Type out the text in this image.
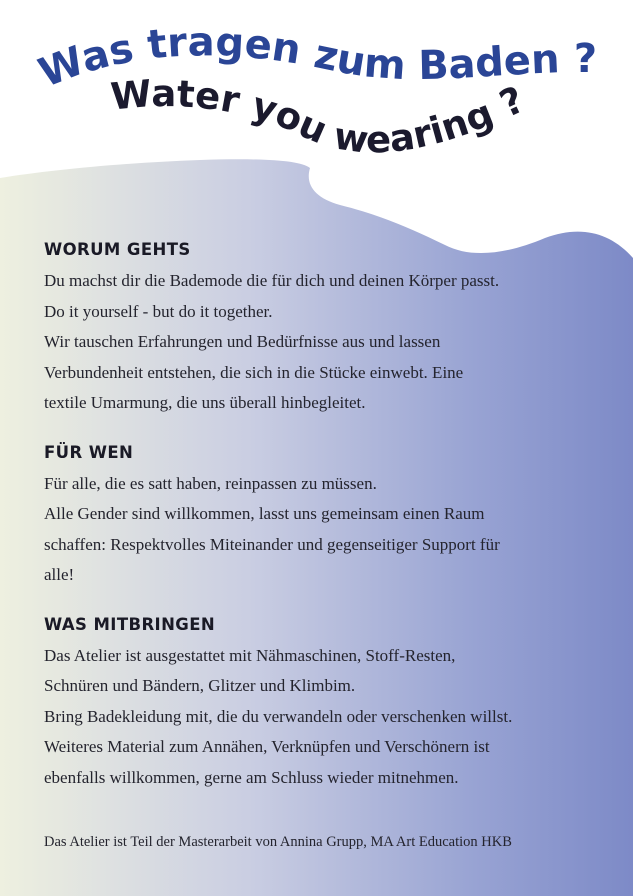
Was tragen zum Baden ?
Water you wearing ?
WORUM GEHTS

Du machst dir die Bademode die für dich und deinen Körper passt.

Do it yourself - but do it together.

Wir tauschen Erfahrungen und Bedürfnisse aus und lassen

Verbundenheit entstehen, die sich in die Stücke einwebt. Eine

textile Umarmung, die uns überall hinbegleitet.

FÜR WEN

Für alle, die es satt haben, reinpassen zu müssen.

Alle Gender sind willkommen, lasst uns gemeinsam einen Raum

schaffen: Respektvolles Miteinander und gegenseitiger Support für

alle!

WAS MITBRINGEN

Das Atelier ist ausgestattet mit Nähmaschinen, Stoff-Resten,

Schnüren und Bändern, Glitzer und Klimbim.

Bring Badekleidung mit, die du verwandeln oder verschenken willst.

Weiteres Material zum Annähen, Verknüpfen und Verschönern ist

ebenfalls willkommen, gerne am Schluss wieder mitnehmen.

Das Atelier ist Teil der Masterarbeit von Annina Grupp, MA Art Education HKB
